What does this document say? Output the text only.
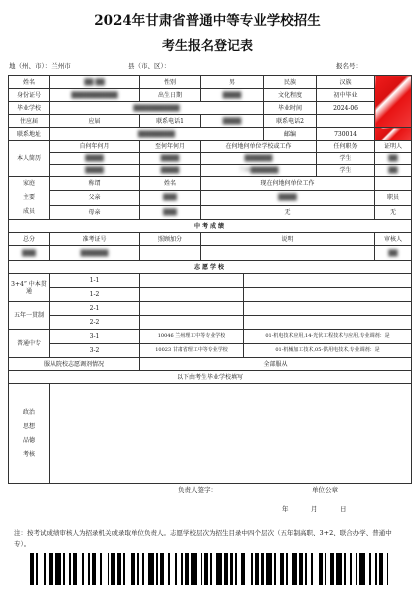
2024年甘肃省普通中等专业学校招生
考生报名登记表
地（州、市）：兰州市	县（市、区）：	报名号：
姓名	██ ██	性别	男		民族	汉族	
身份证号	██████████	出生日期	████		文化程度	初中毕业	
毕业学校	██████████				毕业时间	2024-06	
住应届	应届	联系电话1	████		联系电话2		
联系地址	████████				邮编	730014	
本人简历	自何年何月	至何年何月	在何地何单位学校或工作			任何职务	证明人
	████	████	██████			学生	██
	████	████	兰州██████			学生	██

家庭
主要
成员	称谓	姓名	现在何地何单位工作				
	父亲	███	████				职员
	母亲	███	无				无
中考成绩							
总分	准考证号	照顾加分	说明				审核人
███	██████						██
志愿学校							
3+4” 中本贯通	1-1						
	1-2						
五年一贯制	2-1						
	2-2						
普通中专	3-1	10046 兰州理工中等专业学校		01-机电技术应用,14-光伏工程技术与应用,专业调剂：是			
	3-2	10023 甘肃省理工中等专业学校		01-机械加工技术,05-供用电技术,专业调剂：是			
服从院校志愿调剂情况		全部服从					
以下由考生毕业学校填写							

政治
思想
品德
考核							

负责人签字：	单位公章
年	月	日
注：按考试成绩审核人为招录机关或录取单位负责人。志愿学校层次为招生目录中四个层次（五年制高职、3+2、联合办学、普通中专）。
